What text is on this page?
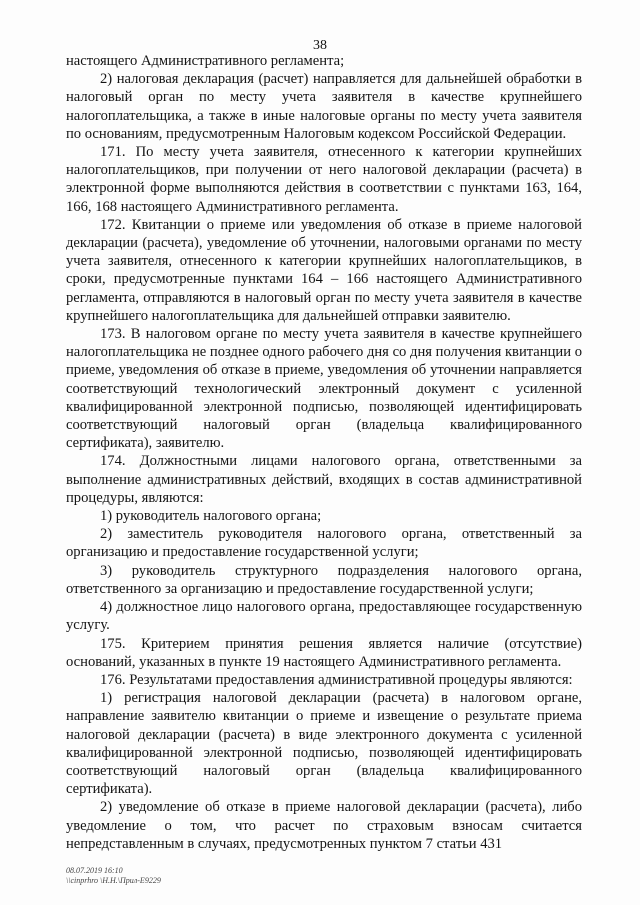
38

настоящего Административного регламента;

2) налоговая декларация (расчет) направляется для дальнейшей обработки в налоговый орган по месту учета заявителя в качестве крупнейшего налогоплательщика, а также в иные налоговые органы по месту учета заявителя по основаниям, предусмотренным Налоговым кодексом Российской Федерации.

171. По месту учета заявителя, отнесенного к категории крупнейших налогоплательщиков, при получении от него налоговой декларации (расчета) в электронной форме выполняются действия в соответствии с пунктами 163, 164, 166, 168 настоящего Административного регламента.

172. Квитанции о приеме или уведомления об отказе в приеме налоговой декларации (расчета), уведомление об уточнении, налоговыми органами по месту учета заявителя, отнесенного к категории крупнейших налогоплательщиков, в сроки, предусмотренные пунктами 164 – 166 настоящего Административного регламента, отправляются в налоговый орган по месту учета заявителя в качестве крупнейшего налогоплательщика для дальнейшей отправки заявителю.

173. В налоговом органе по месту учета заявителя в качестве крупнейшего налогоплательщика не позднее одного рабочего дня со дня получения квитанции о приеме, уведомления об отказе в приеме, уведомления об уточнении направляется соответствующий технологический электронный документ с усиленной квалифицированной электронной подписью, позволяющей идентифицировать соответствующий налоговый орган (владельца квалифицированного сертификата), заявителю.

174. Должностными лицами налогового органа, ответственными за выполнение административных действий, входящих в состав административной процедуры, являются:

1) руководитель налогового органа;

2) заместитель руководителя налогового органа, ответственный за организацию и предоставление государственной услуги;

3) руководитель структурного подразделения налогового органа, ответственного за организацию и предоставление государственной услуги;

4) должностное лицо налогового органа, предоставляющее государственную услугу.

175. Критерием принятия решения является наличие (отсутствие) оснований, указанных в пункте 19 настоящего Административного регламента.

176. Результатами предоставления административной процедуры являются:

1) регистрация налоговой декларации (расчета) в налоговом органе, направление заявителю квитанции о приеме и извещение о результате приема налоговой декларации (расчета) в виде электронного документа с усиленной квалифицированной электронной подписью, позволяющей идентифицировать соответствующий налоговый орган (владельца квалифицированного сертификата).

2) уведомление об отказе в приеме налоговой декларации (расчета), либо уведомление о том, что расчет по страховым взносам считается непредставленным в случаях, предусмотренных пунктом 7 статьи 431

08.07.2019 16:10
\\cinprhro \Н.Н.\Прил-Е9229
